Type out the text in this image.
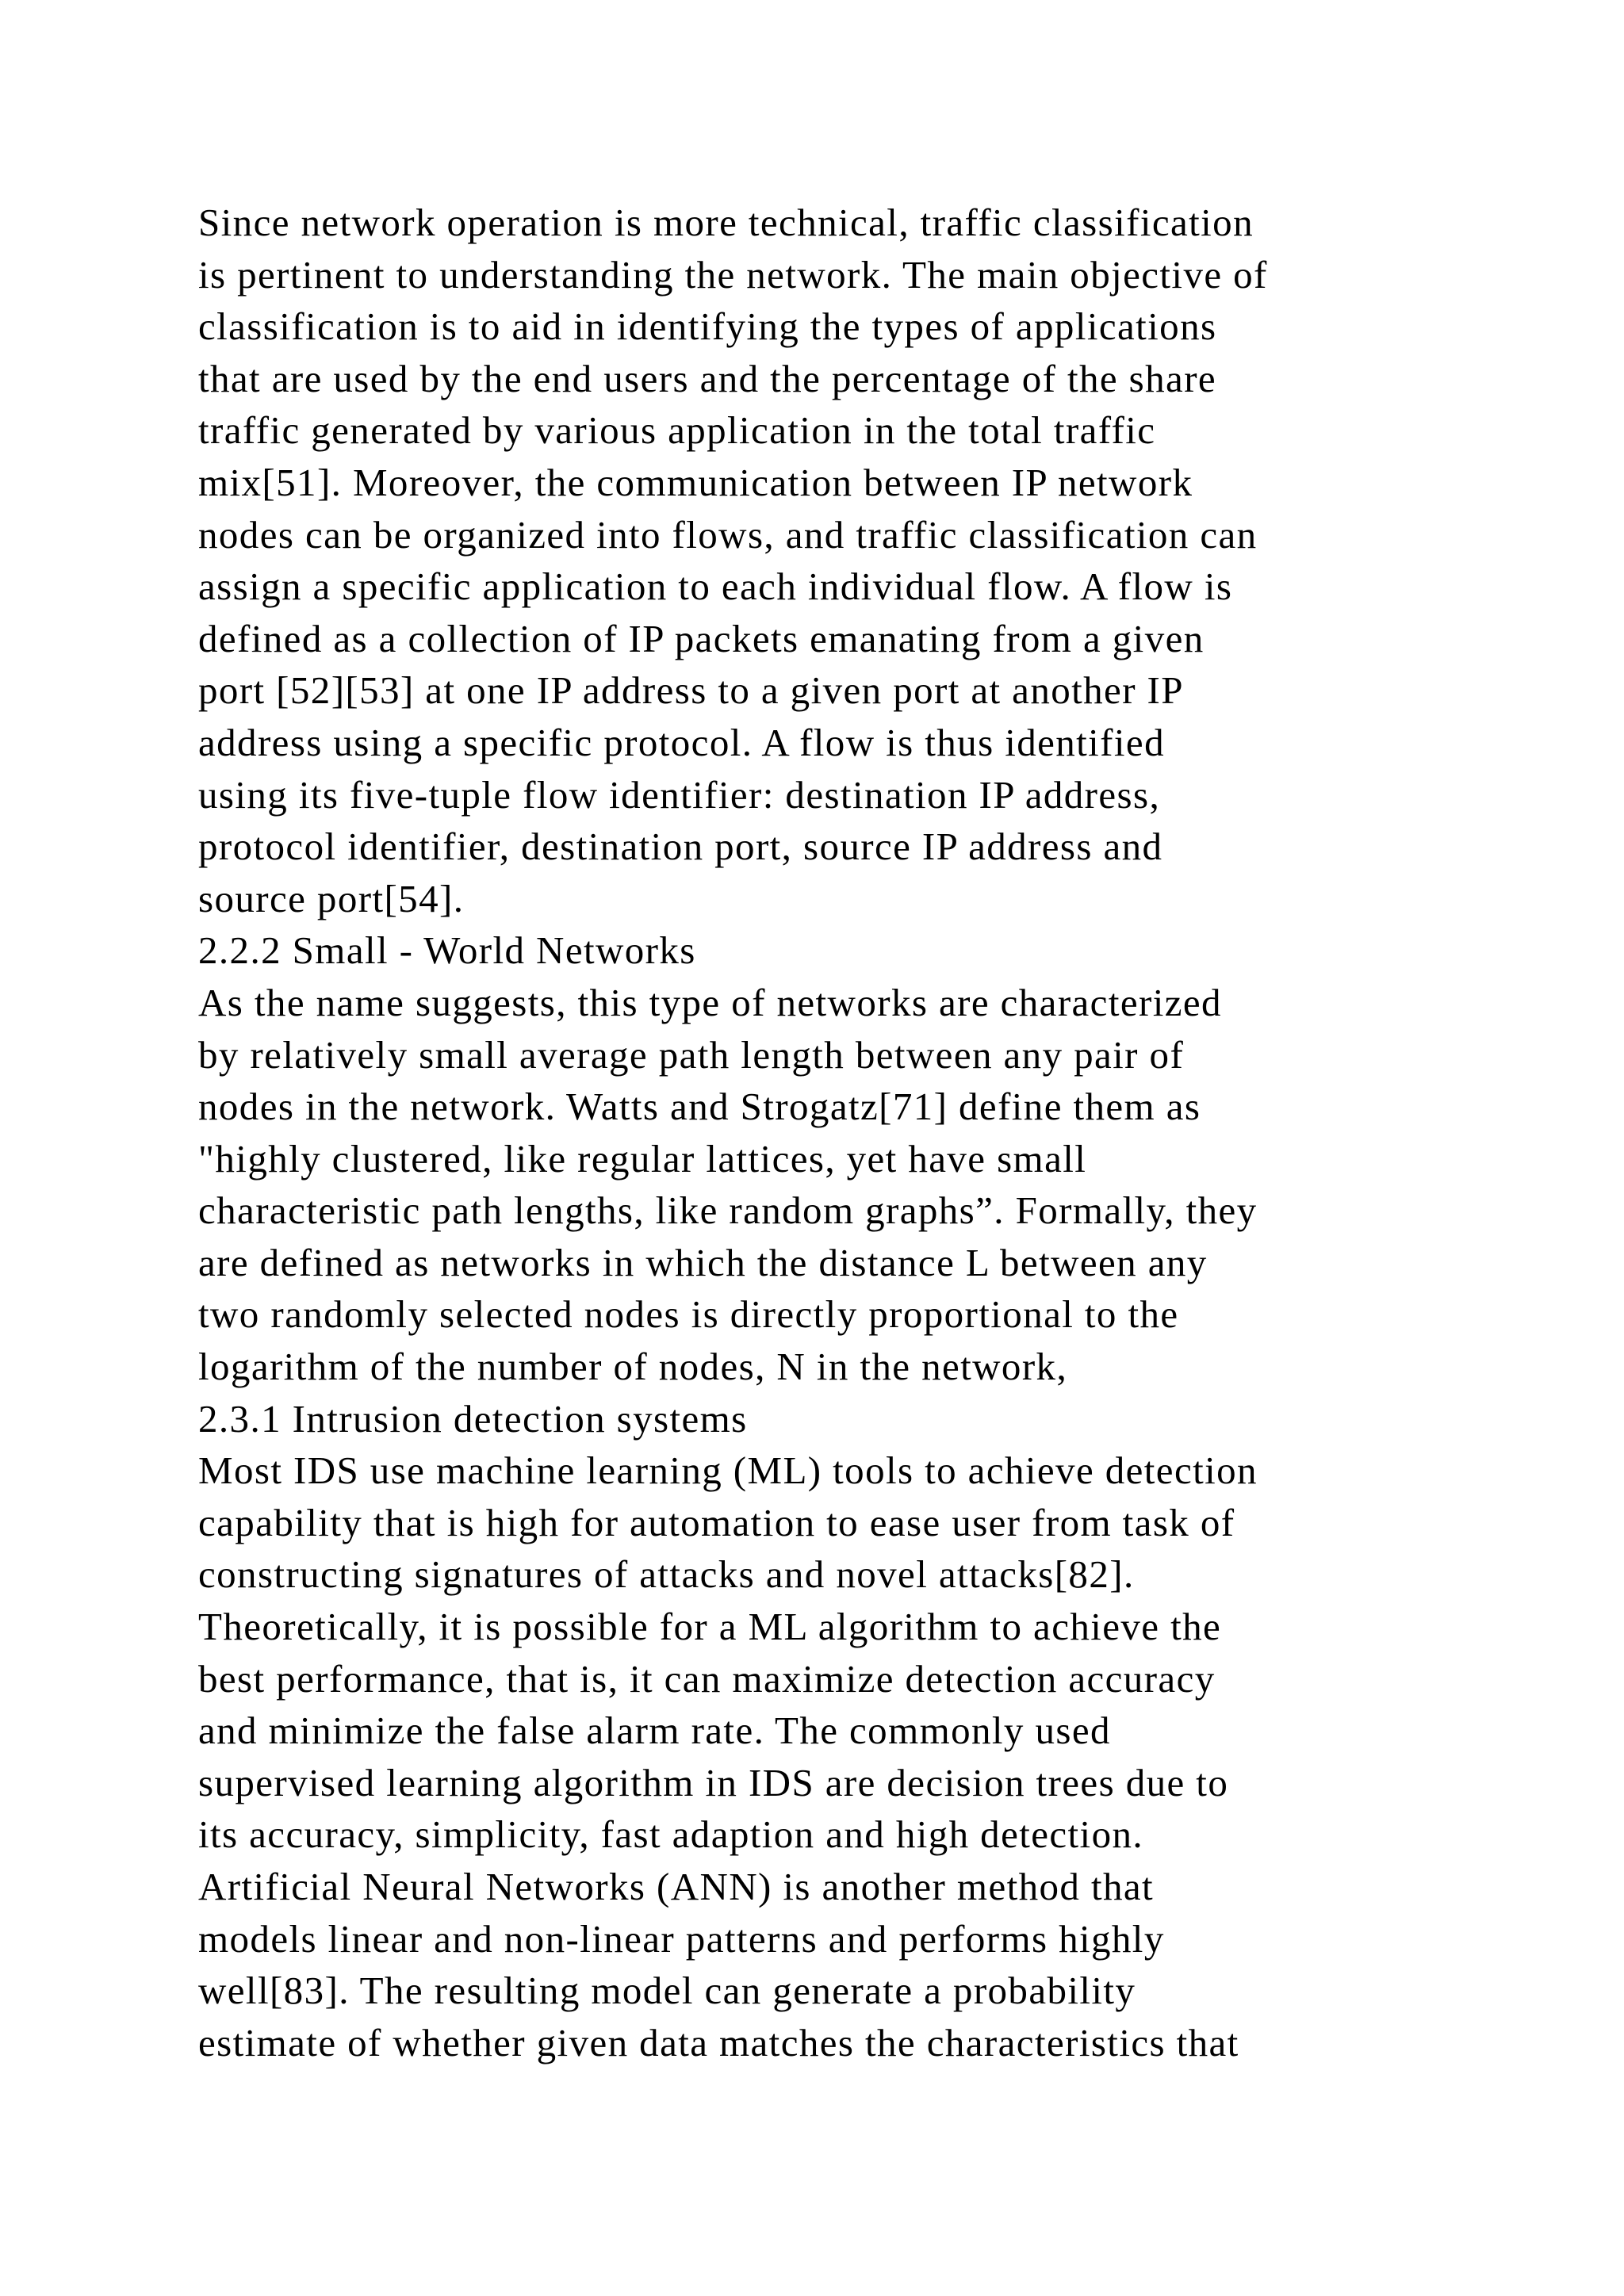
Since network operation is more technical, traffic classification
is pertinent to understanding the network. The main objective of
classification is to aid in identifying the types of applications
that are used by the end users and the percentage of the share
traffic generated by various application in the total traffic
mix[51]. Moreover, the communication between IP network
nodes can be organized into flows, and traffic classification can
assign a specific application to each individual flow. A flow is
defined as a collection of IP packets emanating from a given
port [52][53] at one IP address to a given port at another IP
address using a specific protocol. A flow is thus identified
using its five-tuple flow identifier: destination IP address,
protocol identifier, destination port, source IP address and
source port[54].
2.2.2 Small - World Networks
As the name suggests, this type of networks are characterized
by relatively small average path length between any pair of
nodes in the network. Watts and Strogatz[71] define them as
"highly clustered, like regular lattices, yet have small
characteristic path lengths, like random graphs”. Formally, they
are defined as networks in which the distance L between any
two randomly selected nodes is directly proportional to the
logarithm of the number of nodes, N in the network,
2.3.1 Intrusion detection systems
Most IDS use machine learning (ML) tools to achieve detection
capability that is high for automation to ease user from task of
constructing signatures of attacks and novel attacks[82].
Theoretically, it is possible for a ML algorithm to achieve the
best performance, that is, it can maximize detection accuracy
and minimize the false alarm rate. The commonly used
supervised learning algorithm in IDS are decision trees due to
its accuracy, simplicity, fast adaption and high detection.
Artificial Neural Networks (ANN) is another method that
models linear and non-linear patterns and performs highly
well[83]. The resulting model can generate a probability
estimate of whether given data matches the characteristics that
